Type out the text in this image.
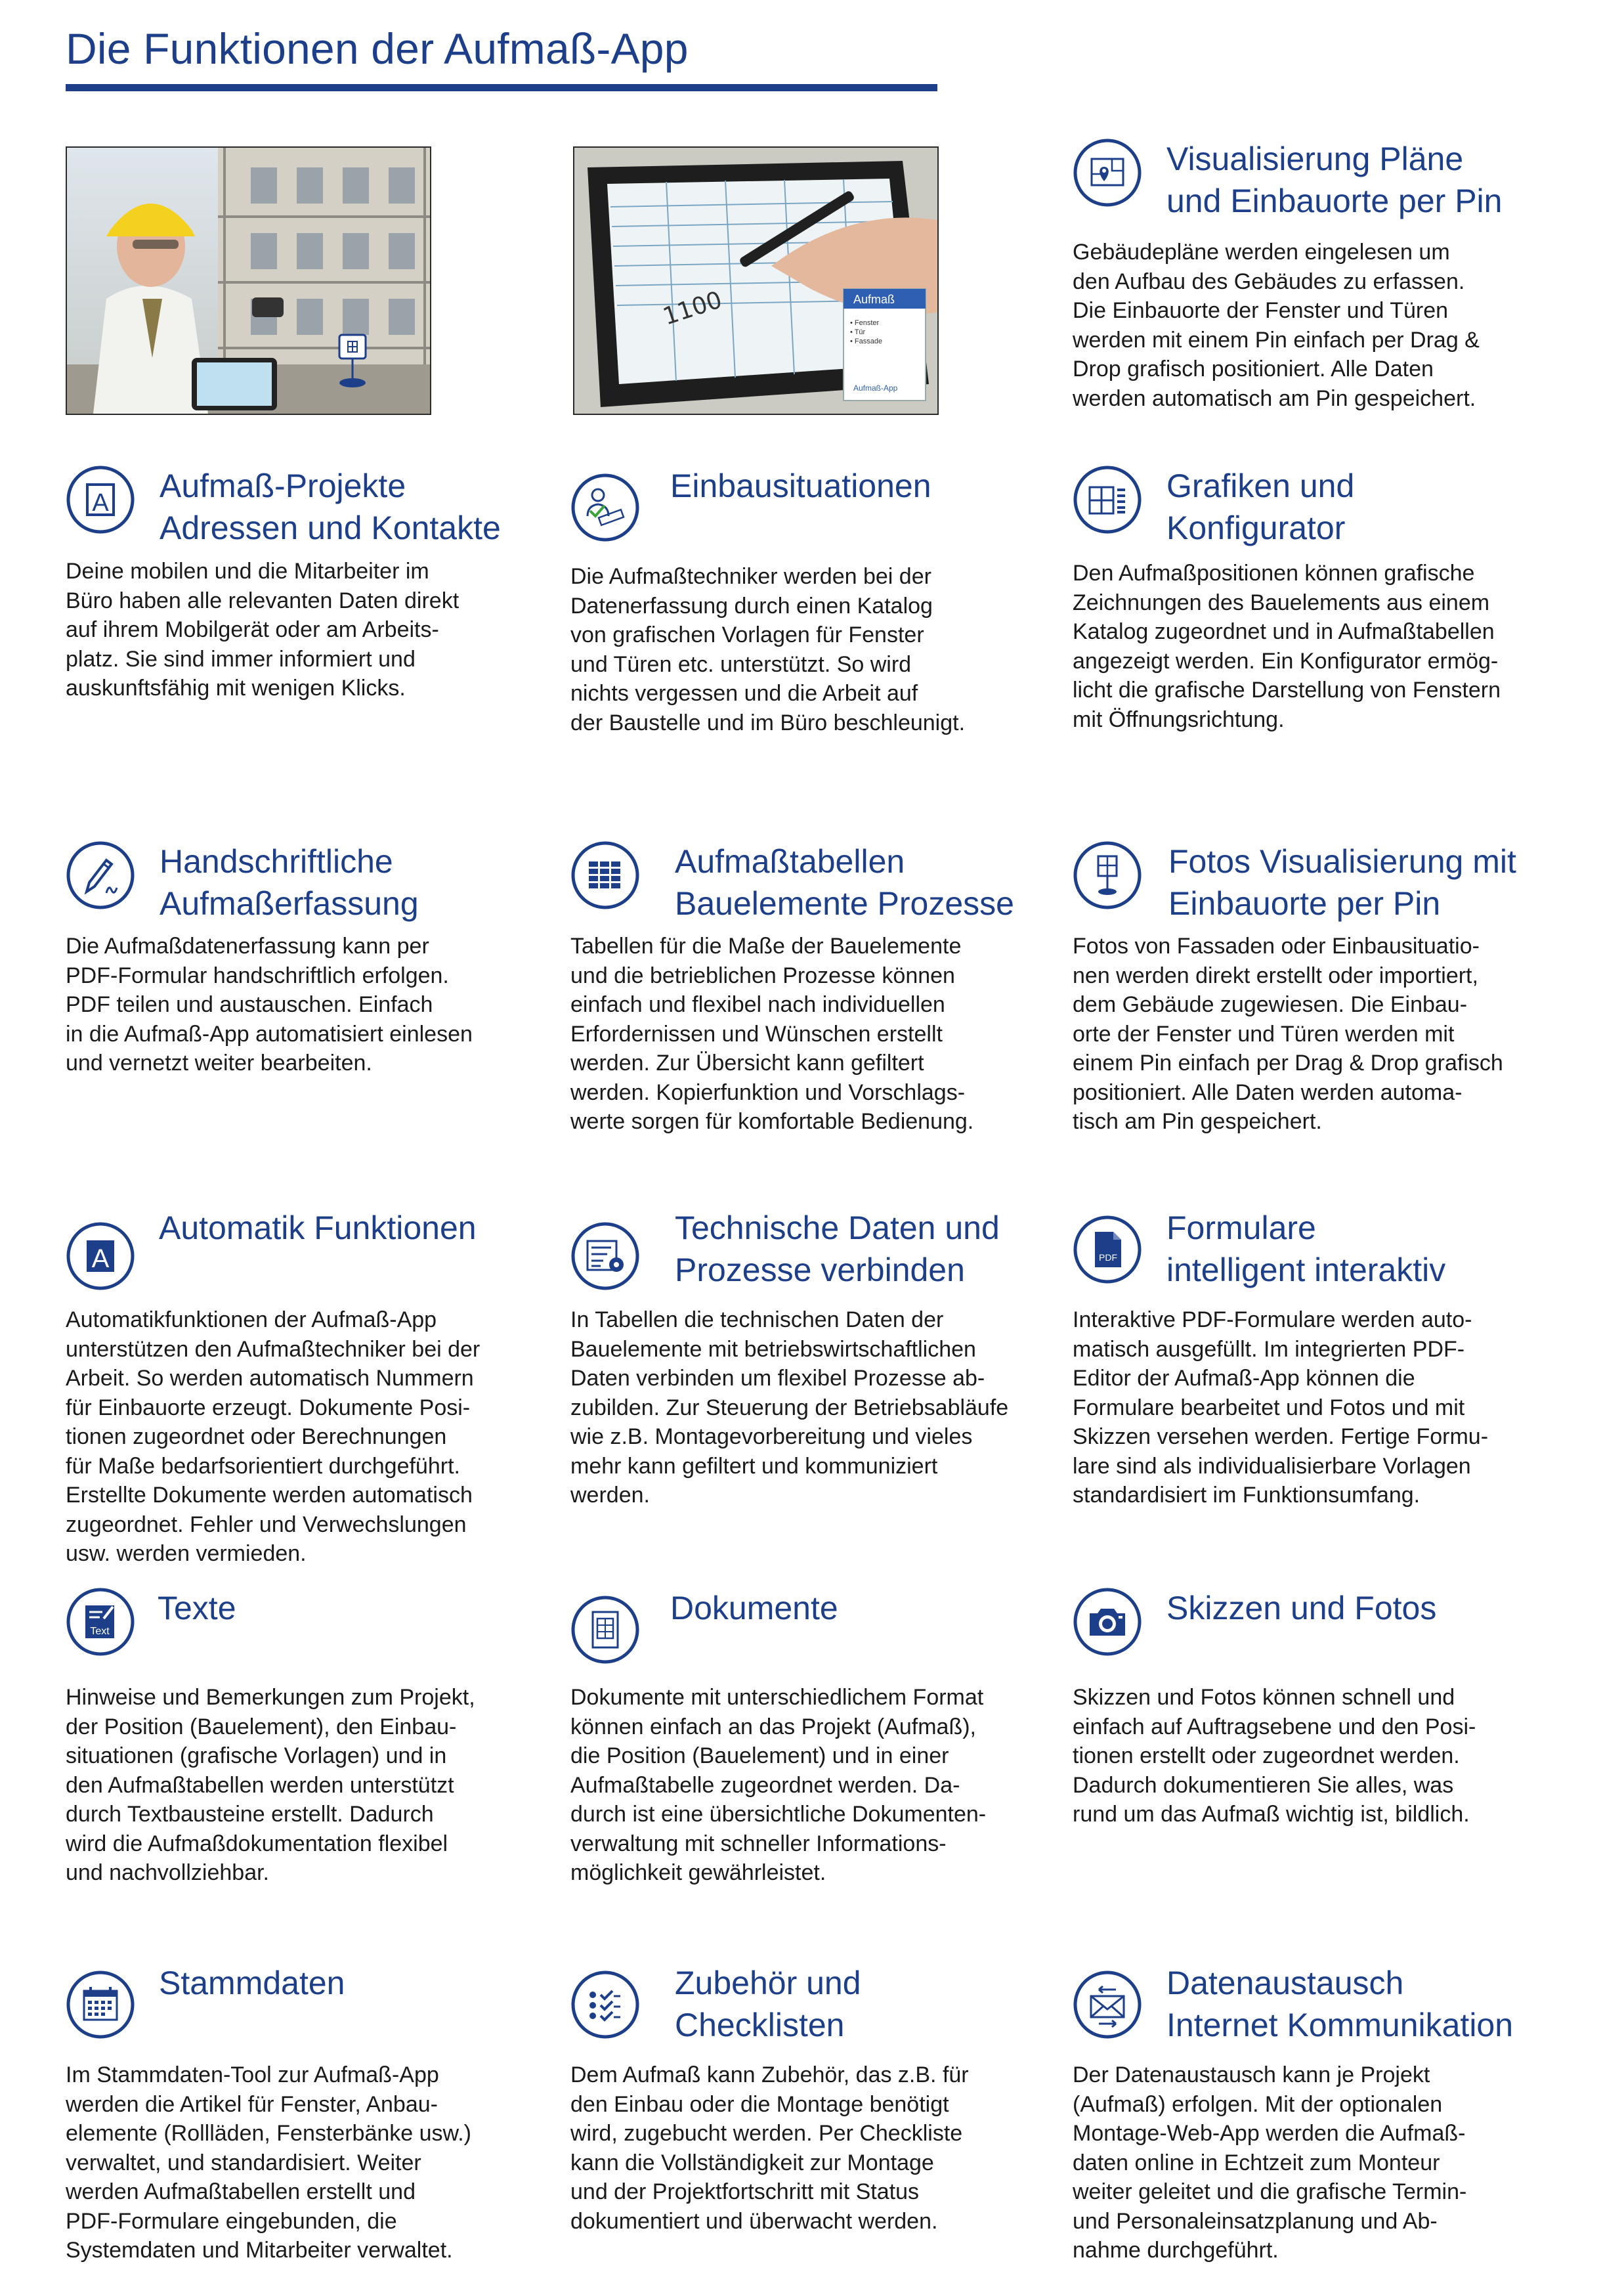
Die Funktionen der Aufmaß-App
1100	Aufmaß
• Fenster
• Tür
• Fassade
Aufmaß-App
Visualisierung Pläne
und Einbauorte per Pin

Gebäudepläne werden eingelesen um
den Aufbau des Gebäudes zu erfassen.
Die Einbauorte der Fenster und Türen
werden mit einem Pin einfach per Drag &
Drop grafisch positioniert. Alle Daten
werden automatisch am Pin gespeichert.

A Aufmaß-Projekte
Adressen und Kontakte

Deine mobilen und die Mitarbeiter im
Büro haben alle relevanten Daten direkt
auf ihrem Mobilgerät oder am Arbeits-
platz. Sie sind immer informiert und
auskunftsfähig mit wenigen Klicks.

Einbausituationen

Die Aufmaßtechniker werden bei der
Datenerfassung durch einen Katalog
von grafischen Vorlagen für Fenster
und Türen etc. unterstützt. So wird
nichts vergessen und die Arbeit auf
der Baustelle und im Büro beschleunigt.

Grafiken und
Konfigurator

Den Aufmaßpositionen können grafische
Zeichnungen des Bauelements aus einem
Katalog zugeordnet und in Aufmaßtabellen
angezeigt werden. Ein Konfigurator ermög-
licht die grafische Darstellung von Fenstern
mit Öffnungsrichtung.

Handschriftliche
Aufmaßerfassung

Die Aufmaßdatenerfassung kann per
PDF-Formular handschriftlich erfolgen.
PDF teilen und austauschen. Einfach
in die Aufmaß-App automatisiert einlesen
und vernetzt weiter bearbeiten.

Aufmaßtabellen
Bauelemente Prozesse

Tabellen für die Maße der Bauelemente
und die betrieblichen Prozesse können
einfach und flexibel nach individuellen
Erfordernissen und Wünschen erstellt
werden. Zur Übersicht kann gefiltert
werden. Kopierfunktion und Vorschlags-
werte sorgen für komfortable Bedienung.

Fotos Visualisierung mit
Einbauorte per Pin

Fotos von Fassaden oder Einbausituatio-
nen werden direkt erstellt oder importiert,
dem Gebäude zugewiesen. Die Einbau-
orte der Fenster und Türen werden mit
einem Pin einfach per Drag & Drop grafisch
positioniert. Alle Daten werden automa-
tisch am Pin gespeichert.

A
Automatik Funktionen

Automatikfunktionen der Aufmaß-App
unterstützen den Aufmaßtechniker bei der
Arbeit. So werden automatisch Nummern
für Einbauorte erzeugt. Dokumente Posi-
tionen zugeordnet oder Berechnungen
für Maße bedarfsorientiert durchgeführt.
Erstellte Dokumente werden automatisch
zugeordnet. Fehler und Verwechslungen
usw. werden vermieden.

Technische Daten und
Prozesse verbinden

In Tabellen die technischen Daten der
Bauelemente mit betriebswirtschaftlichen
Daten verbinden um flexibel Prozesse ab-
zubilden. Zur Steuerung der Betriebsabläufe
wie z.B. Montagevorbereitung und vieles
mehr kann gefiltert und kommuniziert
werden.

PDF
Formulare
intelligent interaktiv

Interaktive PDF-Formulare werden auto-
matisch ausgefüllt. Im integrierten PDF-
Editor der Aufmaß-App können die
Formulare bearbeitet und Fotos und mit
Skizzen versehen werden. Fertige Formu-
lare sind als individualisierbare Vorlagen
standardisiert im Funktionsumfang.

Text
Texte

Hinweise und Bemerkungen zum Projekt,
der Position (Bauelement), den Einbau-
situationen (grafische Vorlagen) und in
den Aufmaßtabellen werden unterstützt
durch Textbausteine erstellt. Dadurch
wird die Aufmaßdokumentation flexibel
und nachvollziehbar.

Dokumente

Dokumente mit unterschiedlichem Format
können einfach an das Projekt (Aufmaß),
die Position (Bauelement) und in einer
Aufmaßtabelle zugeordnet werden. Da-
durch ist eine übersichtliche Dokumenten-
verwaltung mit schneller Informations-
möglichkeit gewährleistet.

Skizzen und Fotos

Skizzen und Fotos können schnell und
einfach auf Auftragsebene und den Posi-
tionen erstellt oder zugeordnet werden.
Dadurch dokumentieren Sie alles, was
rund um das Aufmaß wichtig ist, bildlich.

Stammdaten

Im Stammdaten-Tool zur Aufmaß-App
werden die Artikel für Fenster, Anbau-
elemente (Rollläden, Fensterbänke usw.)
verwaltet, und standardisiert. Weiter
werden Aufmaßtabellen erstellt und
PDF-Formulare eingebunden, die
Systemdaten und Mitarbeiter verwaltet.

Zubehör und
Checklisten

Dem Aufmaß kann Zubehör, das z.B. für
den Einbau oder die Montage benötigt
wird, zugebucht werden. Per Checkliste
kann die Vollständigkeit zur Montage
und der Projektfortschritt mit Status
dokumentiert und überwacht werden.

Datenaustausch
Internet Kommunikation

Der Datenaustausch kann je Projekt
(Aufmaß) erfolgen. Mit der optionalen
Montage-Web-App werden die Aufmaß-
daten online in Echtzeit zum Monteur
weiter geleitet und die grafische Termin-
und Personaleinsatzplanung und Ab-
nahme durchgeführt.
